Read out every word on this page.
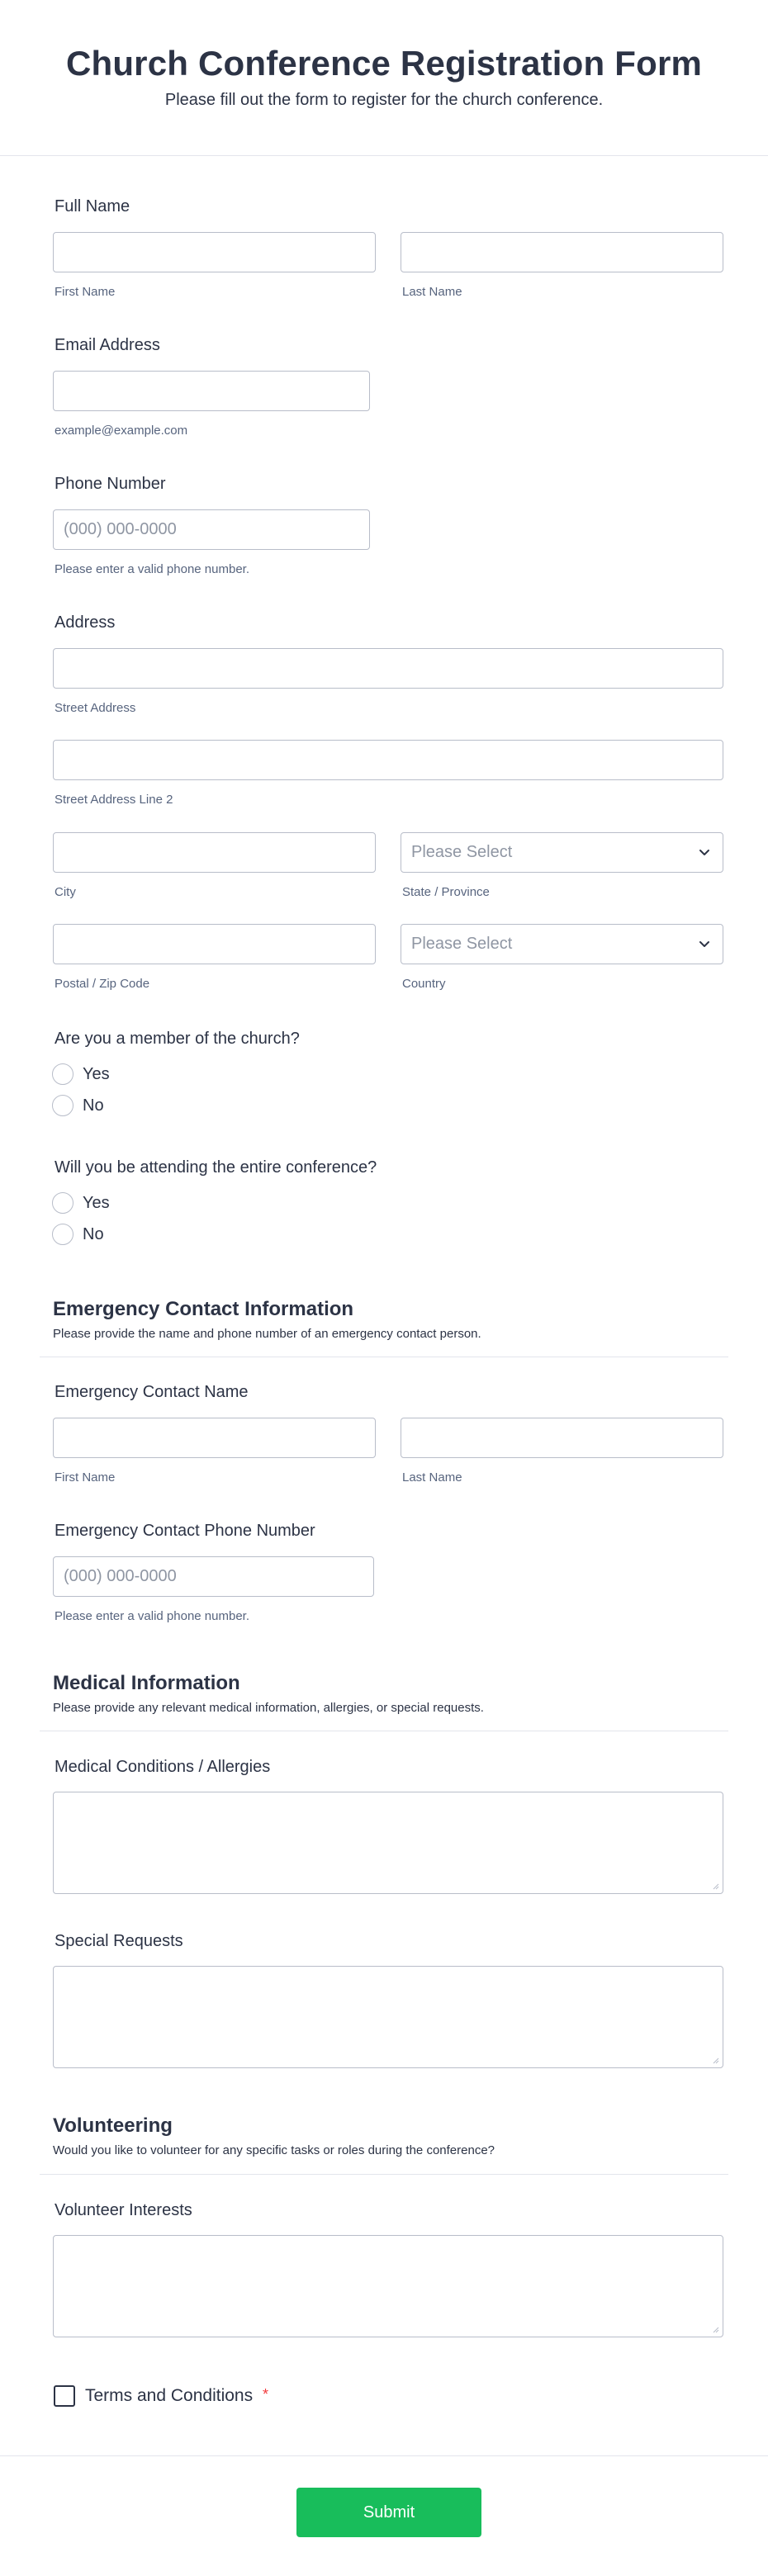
Church Conference Registration Form

Please fill out the form to register for the church conference.

Full Name
First Name	Last Name
Email Address
example@example.com
Phone Number
(000) 000-0000
Please enter a valid phone number.
Address
Street Address
Street Address Line 2
Please Select
City	State / Province
Please Select
Postal / Zip Code	Country
Are you a member of the church?
Yes
No
Will you be attending the entire conference?
Yes
No
Emergency Contact Information
Please provide the name and phone number of an emergency contact person.
Emergency Contact Name
First Name	Last Name
Emergency Contact Phone Number
(000) 000-0000
Please enter a valid phone number.
Medical Information
Please provide any relevant medical information, allergies, or special requests.
Medical Conditions / Allergies
Special Requests
Volunteering
Would you like to volunteer for any specific tasks or roles during the conference?
Volunteer Interests
Terms and Conditions *
Submit
